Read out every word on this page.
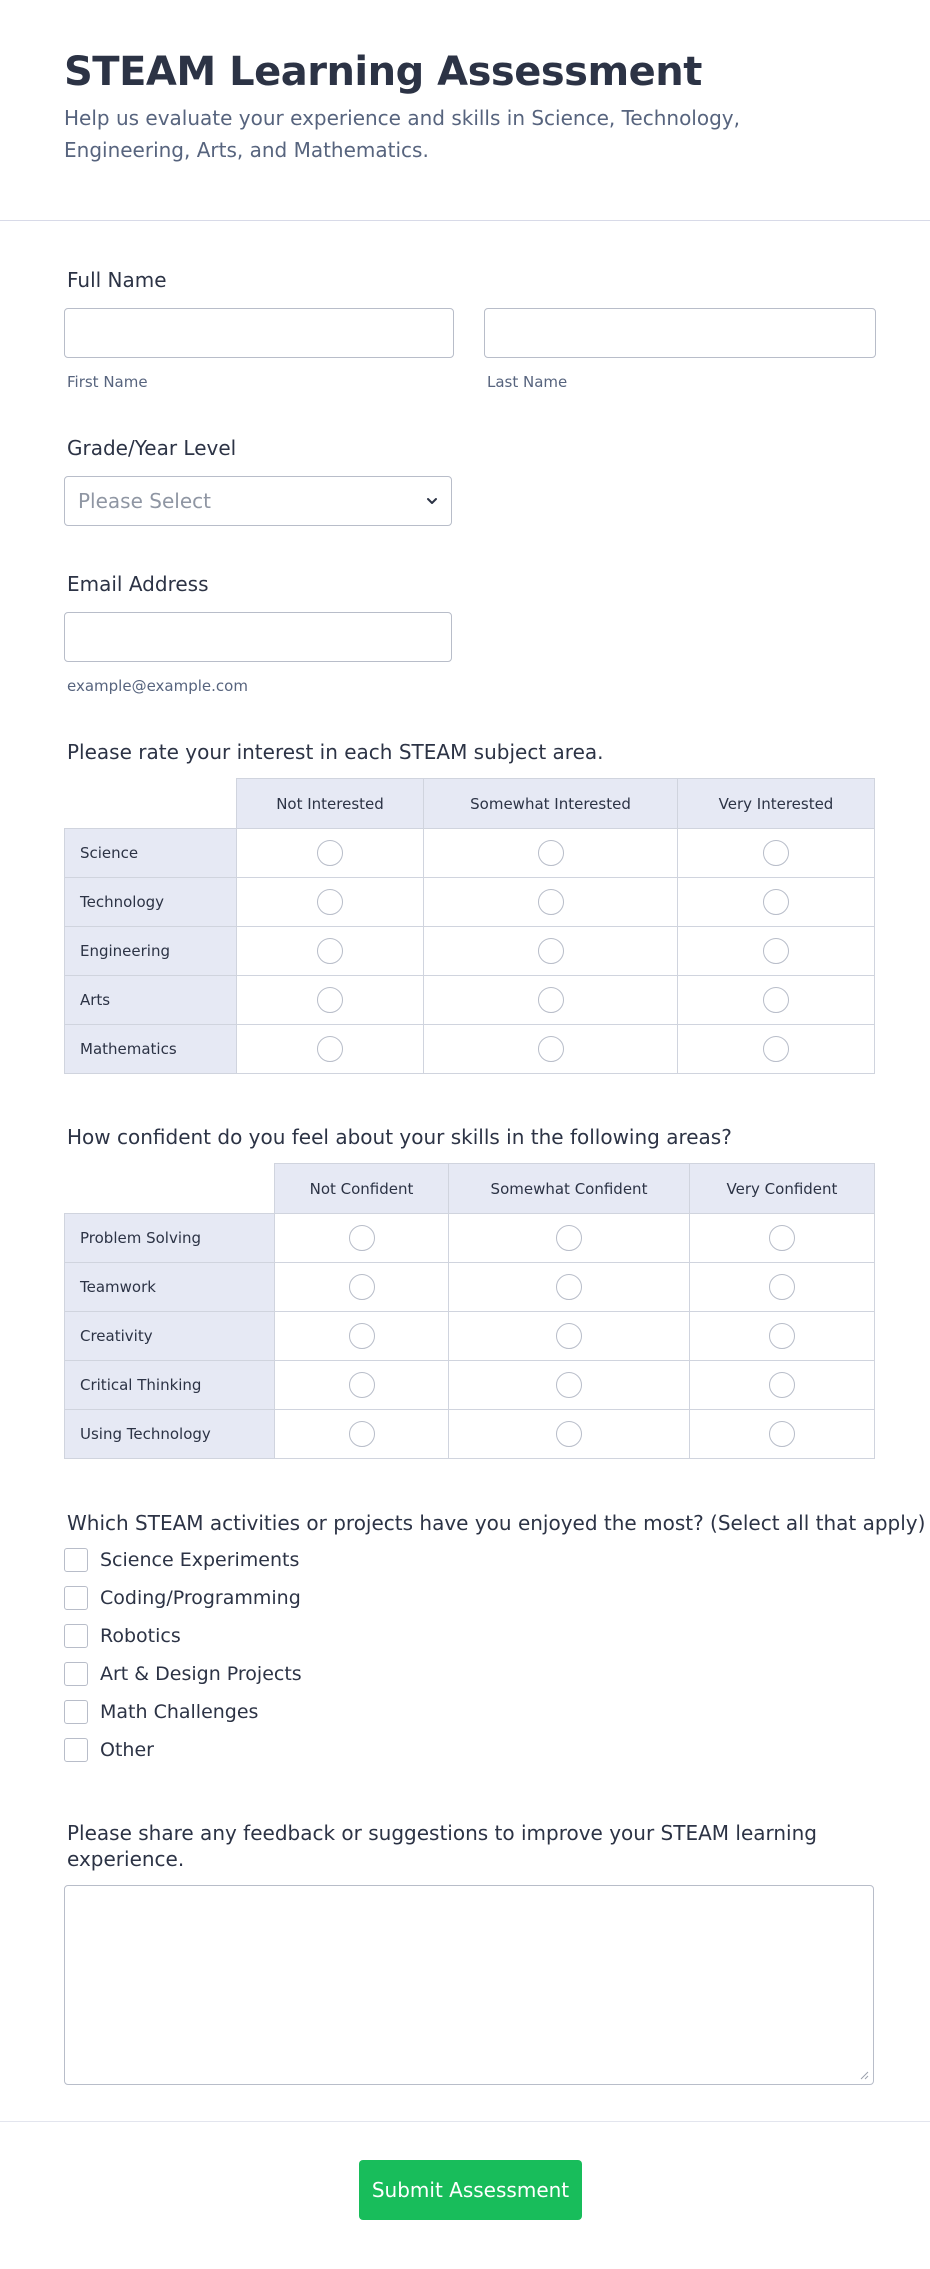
STEAM Learning Assessment

Help us evaluate your experience and skills in Science, Technology, Engineering, Arts, and Mathematics.

Full Name
First Name	Last Name
Grade/Year Level
Please Select
Email Address
example@example.com
Please rate your interest in each STEAM subject area.
	Not Interested	Somewhat Interested	Very Interested
Science			
Technology			
Engineering			
Arts			
Mathematics			
How confident do you feel about your skills in the following areas?
	Not Confident	Somewhat Confident	Very Confident
Problem Solving			
Teamwork			
Creativity			
Critical Thinking			
Using Technology			
Which STEAM activities or projects have you enjoyed the most? (Select all that apply)
Science Experiments
Coding/Programming
Robotics
Art & Design Projects
Math Challenges
Other
Please share any feedback or suggestions to improve your STEAM learning experience.
Submit Assessment
